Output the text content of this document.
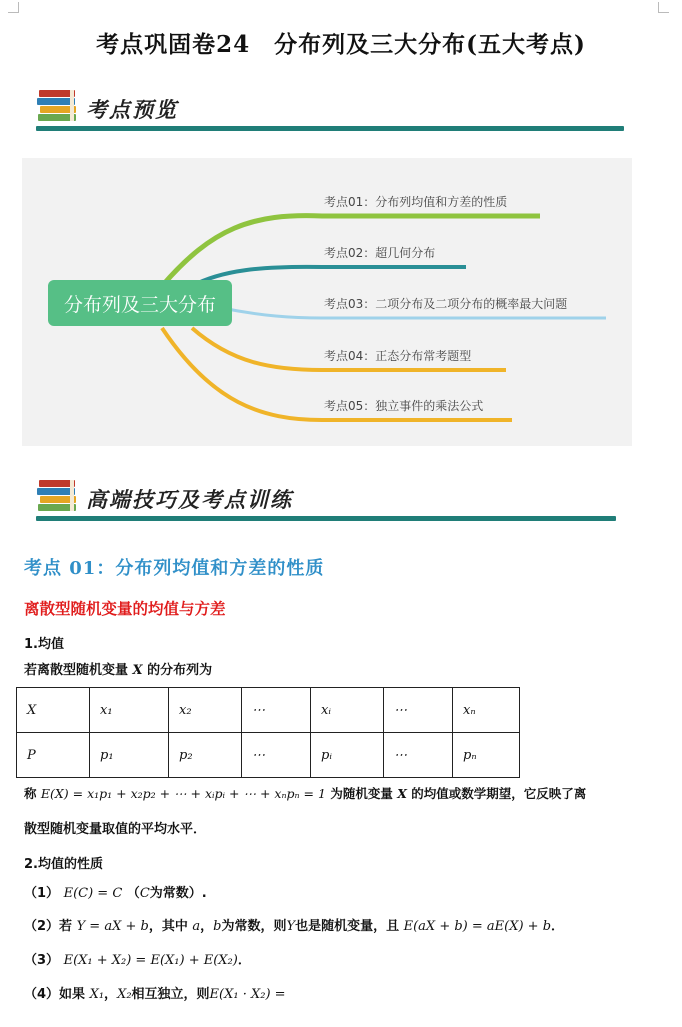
考点巩固卷24　分布列及三大分布(五大考点)
考点预览
分布列及三大分布
考点01：分布列均值和方差的性质
考点02：超几何分布
考点03：二项分布及二项分布的概率最大问题
考点04：正态分布常考题型
考点05：独立事件的乘法公式
高端技巧及考点训练
考点 01：分布列均值和方差的性质
离散型随机变量的均值与方差
1.均值
若离散型随机变量 X 的分布列为
X	x₁	x₂	⋯	xᵢ	⋯	xₙ
P	p₁	p₂	⋯	pᵢ	⋯	pₙ
称 E(X) = x₁p₁ + x₂p₂ + ⋯ + xᵢpᵢ + ⋯ + xₙpₙ = 1 为随机变量 X 的均值或数学期望，它反映了离
散型随机变量取值的平均水平．
2.均值的性质
（1） E(C) = C （C为常数）.
（2）若 Y = aX + b，其中 a，b为常数，则Y也是随机变量，且 E(aX + b) = aE(X) + b．
（3） E(X₁ + X₂) = E(X₁) + E(X₂)．
（4）如果 X₁，X₂相互独立，则E(X₁ · X₂) =
